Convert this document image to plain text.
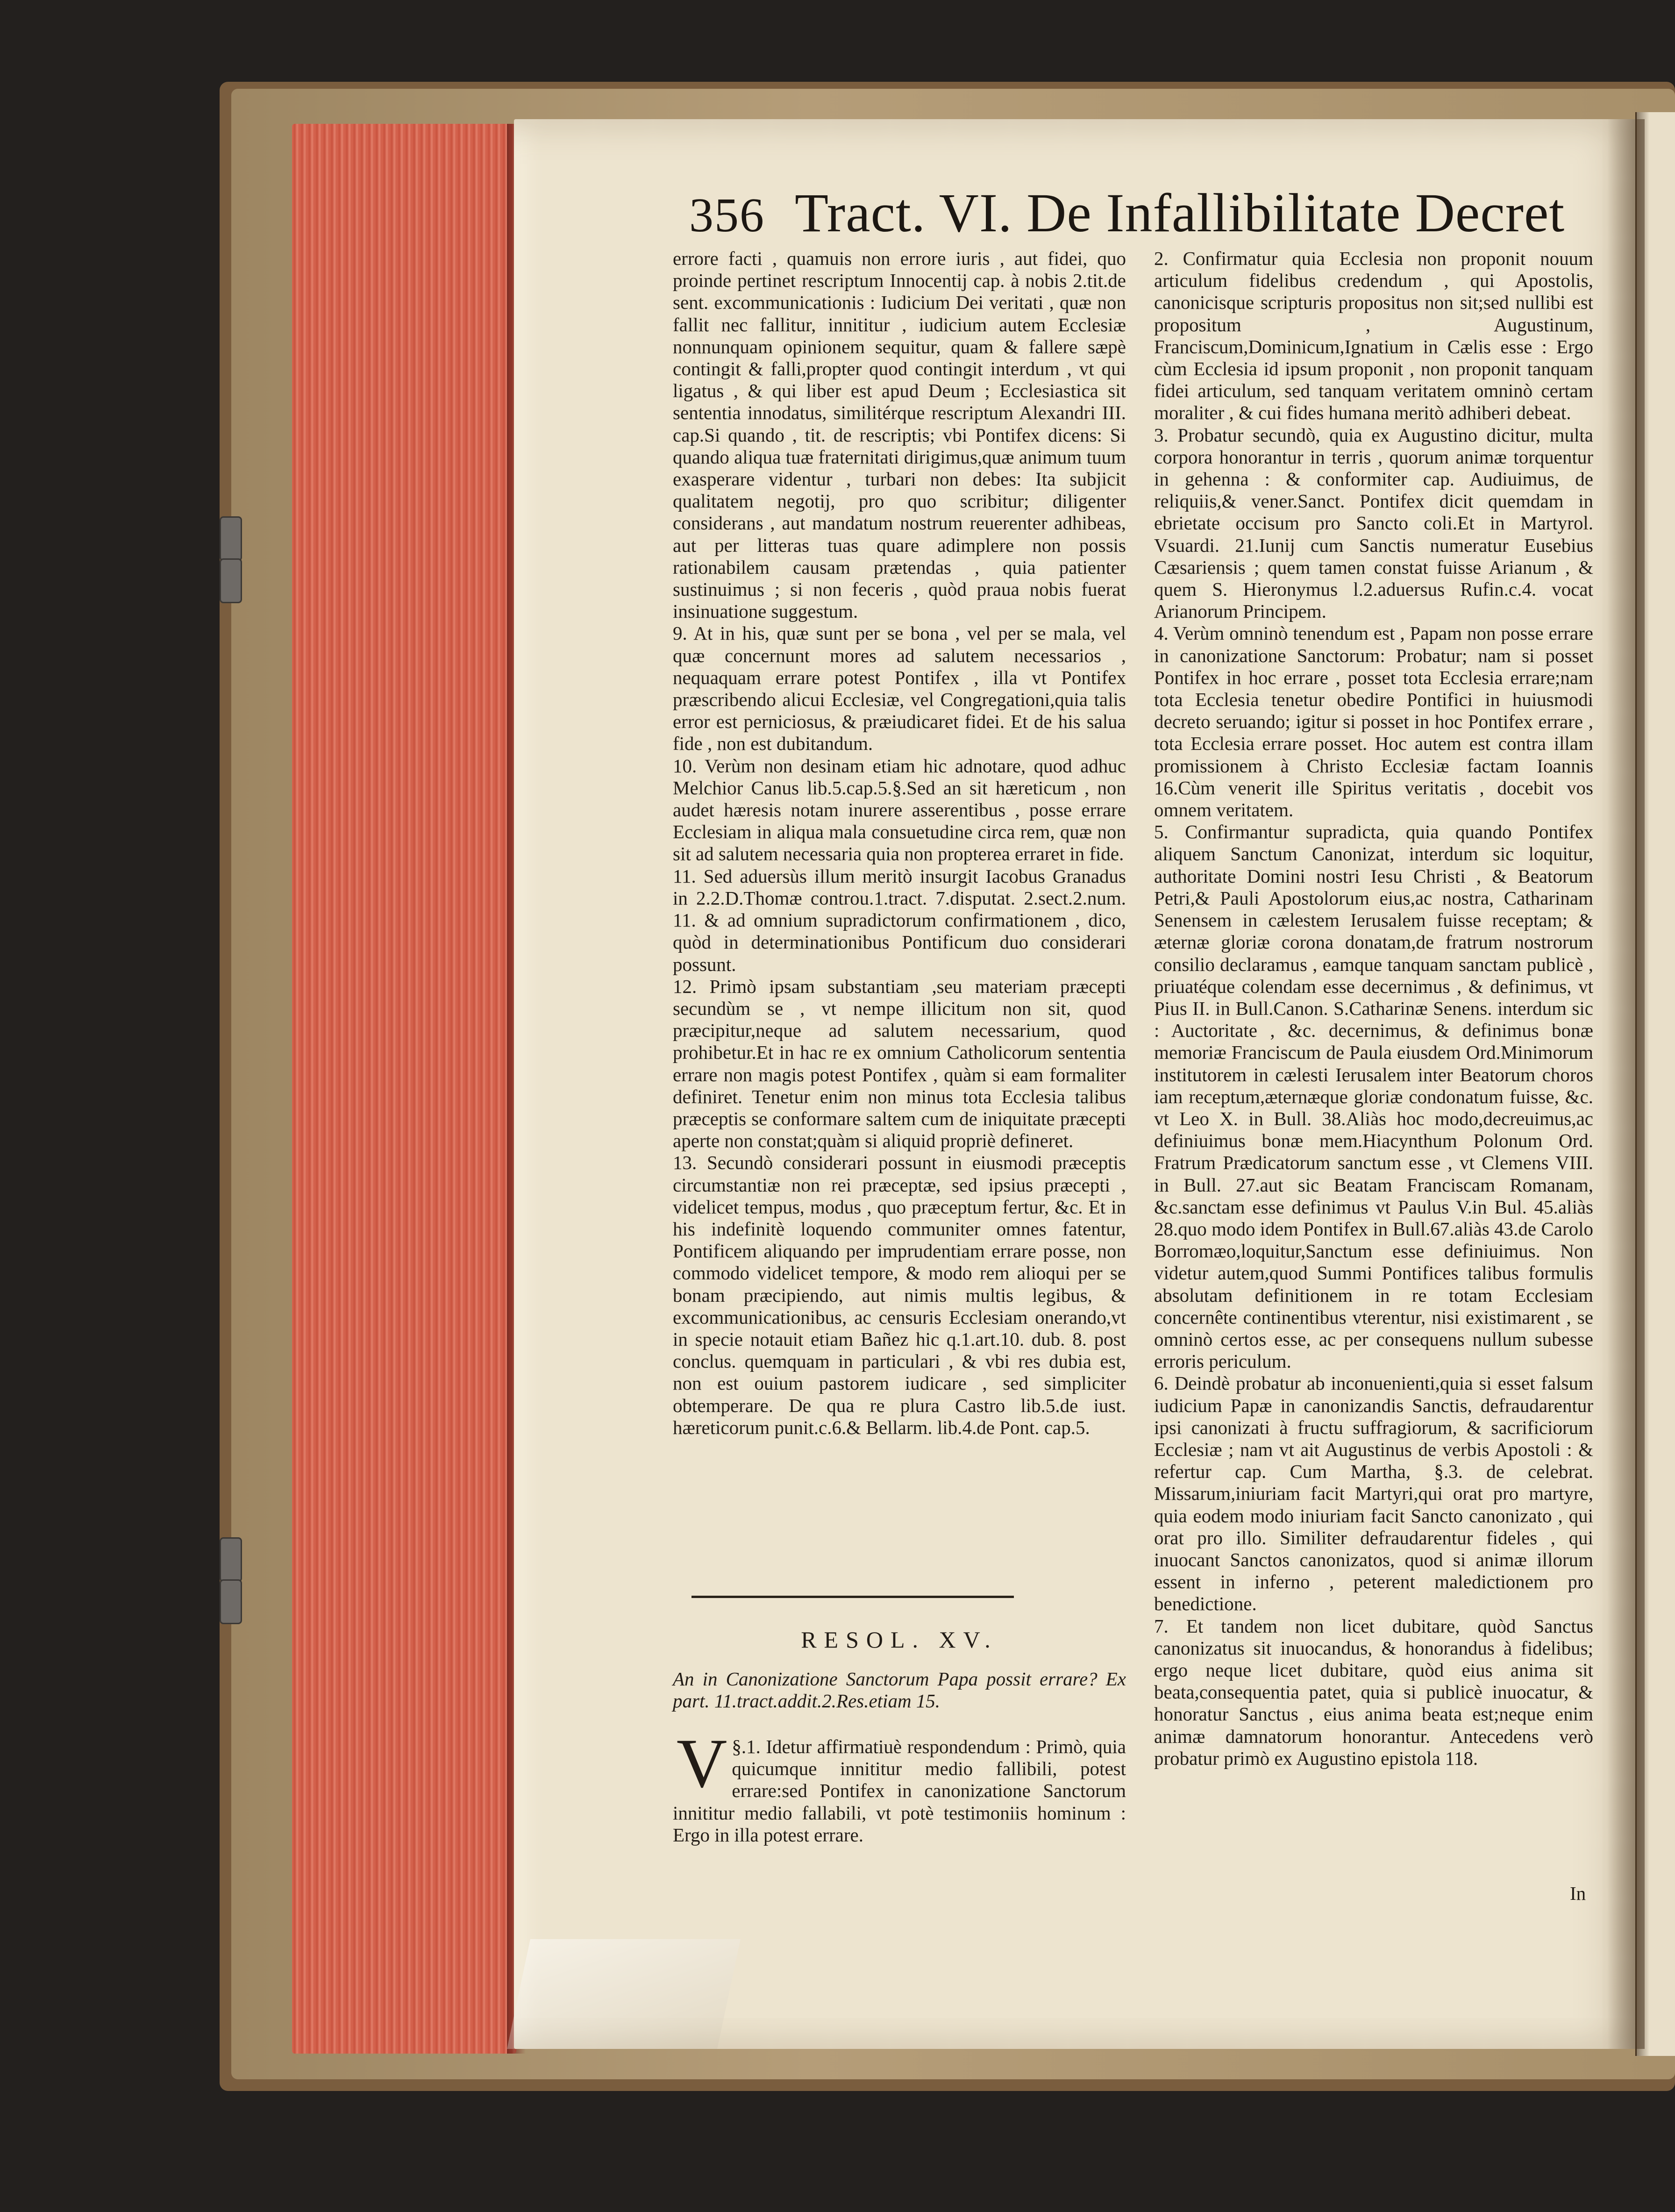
356 Tract. VI. De Infallibilitate Decret

errore facti , quamuis non errore iuris , aut fidei, quo proinde pertinet rescriptum Innocentij cap. à nobis 2.tit.de sent. excommunicationis : Iudicium Dei veritati , quæ non fallit nec fallitur, innititur , iudicium autem Ecclesiæ nonnunquam opinionem sequitur, quam & fallere sæpè contingit & falli,propter quod contingit interdum , vt qui ligatus , & qui liber est apud Deum ; Ecclesiastica sit sententia innodatus, similitérque rescriptum Alexandri III. cap.Si quando , tit. de rescriptis; vbi Pontifex dicens: Si quando aliqua tuæ fraternitati dirigimus,quæ animum tuum exasperare videntur , turbari non debes: Ita subjicit qualitatem negotij, pro quo scribitur; diligenter considerans , aut mandatum nostrum reuerenter adhibeas, aut per litteras tuas quare adimplere non possis rationabilem causam prætendas , quia patienter sustinuimus ; si non feceris , quòd praua nobis fuerat insinuatione suggestum.

9. At in his, quæ sunt per se bona , vel per se mala, vel quæ concernunt mores ad salutem necessarios , nequaquam errare potest Pontifex , illa vt Pontifex præscribendo alicui Ecclesiæ, vel Congregationi,quia talis error est perniciosus, & præiudicaret fidei. Et de his salua fide , non est dubitandum.

10. Verùm non desinam etiam hic adnotare, quod adhuc Melchior Canus lib.5.cap.5.§.Sed an sit hæreticum , non audet hæresis notam inurere asserentibus , posse errare Ecclesiam in aliqua mala consuetudine circa rem, quæ non sit ad salutem necessaria quia non propterea erraret in fide.

11. Sed aduersùs illum meritò insurgit Iacobus Granadus in 2.2.D.Thomæ controu.1.tract. 7.disputat. 2.sect.2.num. 11. & ad omnium supradictorum confirmationem , dico, quòd in determinationibus Pontificum duo considerari possunt.

12. Primò ipsam substantiam ,seu materiam præcepti secundùm se , vt nempe illicitum non sit, quod præcipitur,neque ad salutem necessarium, quod prohibetur.Et in hac re ex omnium Catholicorum sententia errare non magis potest Pontifex , quàm si eam formaliter definiret. Tenetur enim non minus tota Ecclesia talibus præceptis se conformare saltem cum de iniquitate præcepti aperte non constat;quàm si aliquid propriè defineret.

13. Secundò considerari possunt in eiusmodi præceptis circumstantiæ non rei præceptæ, sed ipsius præcepti , videlicet tempus, modus , quo præceptum fertur, &c. Et in his indefinitè loquendo communiter omnes fatentur, Pontificem aliquando per imprudentiam errare posse, non commodo videlicet tempore, & modo rem alioqui per se bonam præcipiendo, aut nimis multis legibus, & excommunicationibus, ac censuris Ecclesiam onerando,vt in specie notauit etiam Bañez hic q.1.art.10. dub. 8. post conclus. quemquam in particulari , & vbi res dubia est, non est ouium pastorem iudicare , sed simpliciter obtemperare. De qua re plura Castro lib.5.de iust. hæreticorum punit.c.6.& Bellarm. lib.4.de Pont. cap.5.

RESOL. XV.
An in Canonizatione Sanctorum Papa possit errare? Ex part. 11.tract.addit.2.Res.etiam 15.
§.1.
V Idetur affirmatiuè respondendum : Primò, quia quicumque innititur medio fallibili, potest errare:sed Pontifex in canonizatione Sanctorum innititur medio fallabili, vt potè testimoniis hominum : Ergo in illa potest errare.

2. Confirmatur quia Ecclesia non proponit nouum articulum fidelibus credendum , qui Apostolis, canonicisque scripturis propositus non sit;sed nullibi est propositum , Augustinum, Franciscum,Dominicum,Ignatium in Cælis esse : Ergo cùm Ecclesia id ipsum proponit , non proponit tanquam fidei articulum, sed tanquam veritatem omninò certam moraliter , & cui fides humana meritò adhiberi debeat.

3. Probatur secundò, quia ex Augustino dicitur, multa corpora honorantur in terris , quorum animæ torquentur in gehenna : & conformiter cap. Audiuimus, de reliquiis,& vener.Sanct. Pontifex dicit quemdam in ebrietate occisum pro Sancto coli.Et in Martyrol. Vsuardi. 21.Iunij cum Sanctis numeratur Eusebius Cæsariensis ; quem tamen constat fuisse Arianum , & quem S. Hieronymus l.2.aduersus Rufin.c.4. vocat Arianorum Principem.

4. Verùm omninò tenendum est , Papam non posse errare in canonizatione Sanctorum: Probatur; nam si posset Pontifex in hoc errare , posset tota Ecclesia errare;nam tota Ecclesia tenetur obedire Pontifici in huiusmodi decreto seruando; igitur si posset in hoc Pontifex errare , tota Ecclesia errare posset. Hoc autem est contra illam promissionem à Christo Ecclesiæ factam Ioannis 16.Cùm venerit ille Spiritus veritatis , docebit vos omnem veritatem.

5. Confirmantur supradicta, quia quando Pontifex aliquem Sanctum Canonizat, interdum sic loquitur, authoritate Domini nostri Iesu Christi , & Beatorum Petri,& Pauli Apostolorum eius,ac nostra, Catharinam Senensem in cælestem Ierusalem fuisse receptam; & æternæ gloriæ corona donatam,de fratrum nostrorum consilio declaramus , eamque tanquam sanctam publicè , priuatéque colendam esse decernimus , & definimus, vt Pius II. in Bull.Canon. S.Catharinæ Senens. interdum sic : Auctoritate , &c. decernimus, & definimus bonæ memoriæ Franciscum de Paula eiusdem Ord.Minimorum institutorem in cælesti Ierusalem inter Beatorum choros iam receptum,æternæque gloriæ condonatum fuisse, &c. vt Leo X. in Bull. 38.Aliàs hoc modo,decreuimus,ac definiuimus bonæ mem.Hiacynthum Polonum Ord. Fratrum Prædicatorum sanctum esse , vt Clemens VIII. in Bull. 27.aut sic Beatam Franciscam Romanam, &c.sanctam esse definimus vt Paulus V.in Bul. 45.aliàs 28.quo modo idem Pontifex in Bull.67.aliàs 43.de Carolo Borromæo,loquitur,Sanctum esse definiuimus. Non videtur autem,quod Summi Pontifices talibus formulis absolutam definitionem in re totam Ecclesiam concernête continentibus vterentur, nisi existimarent , se omninò certos esse, ac per consequens nullum subesse erroris periculum.

6. Deindè probatur ab inconuenienti,quia si esset falsum iudicium Papæ in canonizandis Sanctis, defraudarentur ipsi canonizati à fructu suffragiorum, & sacrificiorum Ecclesiæ ; nam vt ait Augustinus de verbis Apostoli : & refertur cap. Cum Martha, §.3. de celebrat. Missarum,iniuriam facit Martyri,qui orat pro martyre, quia eodem modo iniuriam facit Sancto canonizato , qui orat pro illo. Similiter defraudarentur fideles , qui inuocant Sanctos canonizatos, quod si animæ illorum essent in inferno , peterent maledictionem pro benedictione.

7. Et tandem non licet dubitare, quòd Sanctus canonizatus sit inuocandus, & honorandus à fidelibus; ergo neque licet dubitare, quòd eius anima sit beata,consequentia patet, quia si publicè inuocatur, & honoratur Sanctus , eius anima beata est;neque enim animæ damnatorum honorantur. Antecedens verò probatur primò ex Augustino epistola 118.

In
